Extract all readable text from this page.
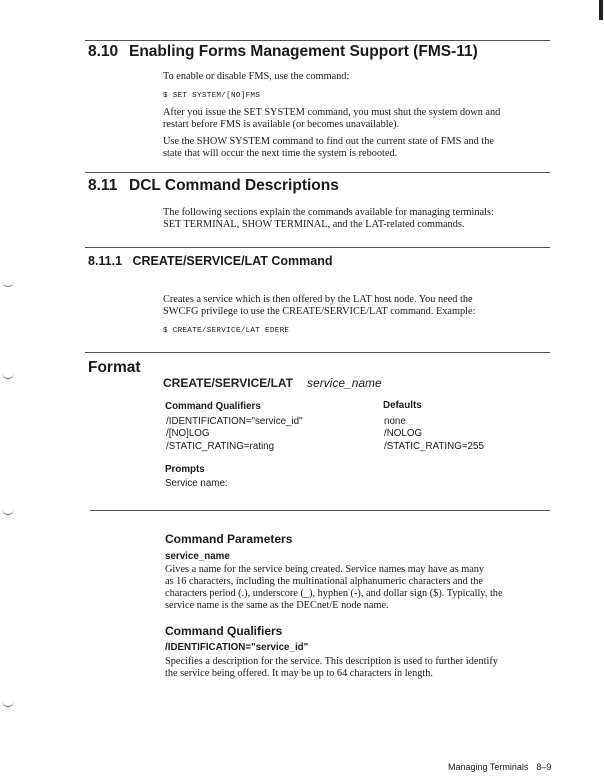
8.10 Enabling Forms Management Support (FMS-11)
To enable or disable FMS, use the command:
$ SET SYSTEM/[NO]FMS
After you issue the SET SYSTEM command, you must shut the system down and
restart before FMS is available (or becomes unavailable).
Use the SHOW SYSTEM command to find out the current state of FMS and the
state that will occur the next time the system is rebooted.
8.11 DCL Command Descriptions
The following sections explain the commands available for managing terminals:
SET TERMINAL, SHOW TERMINAL, and the LAT-related commands.
8.11.1   CREATE/SERVICE/LAT Command
Creates a service which is then offered by the LAT host node. You need the
SWCFG privilege to use the CREATE/SERVICE/LAT command. Example:
$ CREATE/SERVICE/LAT EDERE
Format
CREATE/SERVICE/LAT service_name
Command Qualifiers	Defaults
/IDENTIFICATION="service_id"
/[NO]LOG
/STATIC_RATING=rating
none
/NOLOG
/STATIC_RATING=255
Prompts
Service name:
Command Parameters
service_name
Gives a name for the service being created. Service names may have as many
as 16 characters, including the multinational alphanumeric characters and the
characters period (.), underscore (_), hyphen (-), and dollar sign ($). Typically, the
service name is the same as the DECnet/E node name.
Command Qualifiers
/IDENTIFICATION="service_id"
Specifies a description for the service. This description is used to further identify
the service being offered. It may be up to 64 characters in length.
Managing Terminals 8–9
